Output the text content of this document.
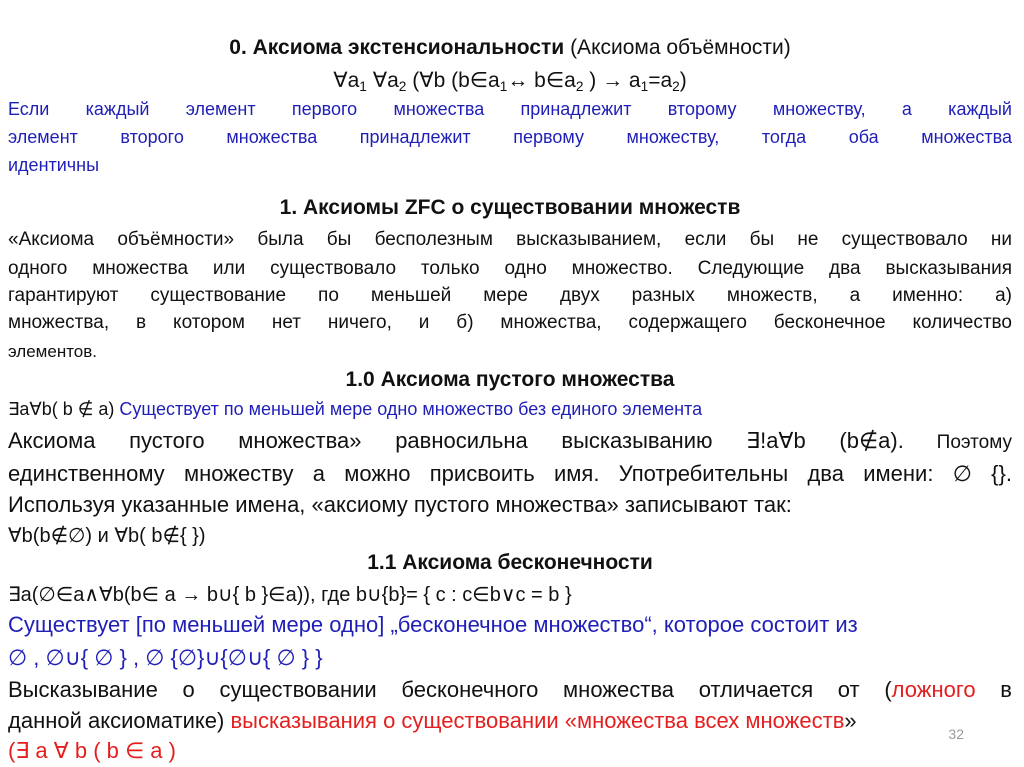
0. Аксиома экстенсиональности (Аксиома объёмности)
$\forall a_1$ $\forall a_2$ (∀b ($b\in a_1\leftrightarrow$ $b\in a_2$ ) → $a_1=a_2$)
Если каждый элемент первого множества принадлежит второму множеству, а каждый
элемент второго множества принадлежит первому множеству, тогда оба множества
идентичны
1. Аксиомы ZFC о существовании множеств
«Аксиома объёмности» была бы бесполезным высказыванием, если бы не существовало ни
одного множества или существовало только одно множество. Следующие два высказывания
гарантируют существование по меньшей мере двух разных множеств, а именно: а)
множества, в котором нет ничего, и б) множества, содержащего бесконечное количество
элементов.
1.0 Аксиома пустого множества
∃a∀b( b ∉ a) Существует по меньшей мере одно множество без единого элемента
Аксиома пустого множества» равносильна высказыванию ∃!a∀b (b∉a). Поэтому
единственному множеству a можно присвоить имя. Употребительны два имени: ∅ {}.
Используя указанные имена, «аксиому пустого множества» записывают так:
∀b(b∉∅) и ∀b( b∉{ })
1.1 Аксиома бесконечности
∃a(∅∈a∧∀b(b∈ a → b∪{ b }∈a)), где b∪{b}= { c : c∈b∨c = b }
Существует [по меньшей мере одно] „бесконечное множество“, которое состоит из
∅ , ∅∪{ ∅ } , ∅ {∅}∪{∅∪{ ∅ } }
Высказывание о существовании бесконечного множества отличается от (ложного в
данной аксиоматике) высказывания о существовании «множества всех множеств»
(∃ a ∀ b ( b ∈ a )
32
